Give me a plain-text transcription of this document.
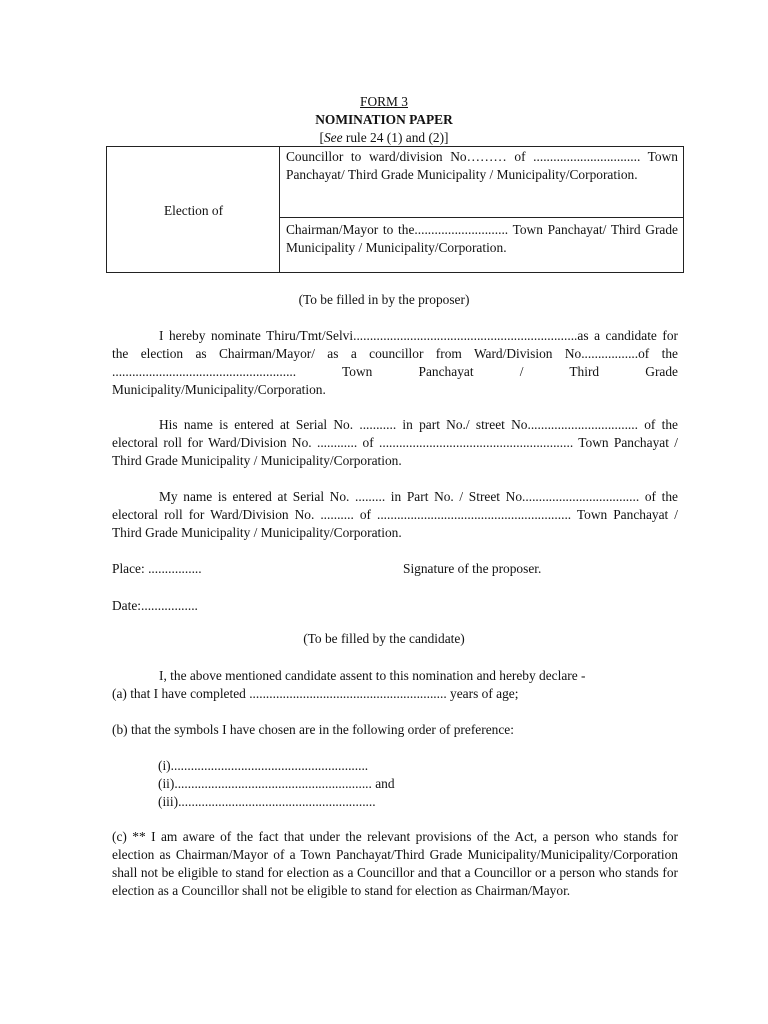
FORM 3
NOMINATION PAPER
[See rule 24 (1) and (2)]
Election of
Councillor to ward/division No……… of ................................ Town Panchayat/ Third Grade Municipality / Municipality/Corporation.
Chairman/Mayor to the............................ Town Panchayat/ Third Grade Municipality / Municipality/Corporation.
(To be filled in by the proposer)
I hereby nominate Thiru/Tmt/Selvi...................................................................as a candidate for the election as Chairman/Mayor/ as a councillor from Ward/Division No.................of the ....................................................... Town Panchayat / Third Grade Municipality/Municipality/Corporation.
His name is entered at Serial No. ........... in part No./ street No................................. of the electoral roll for Ward/Division No. ............ of .......................................................... Town Panchayat / Third Grade Municipality / Municipality/Corporation.
My name is entered at Serial No. ......... in Part No. / Street No................................... of the electoral roll for Ward/Division No. .......... of .......................................................... Town Panchayat / Third Grade Municipality / Municipality/Corporation.
Place: ................	Signature of the proposer.
Date:.................
(To be filled by the candidate)
I, the above mentioned candidate assent to this nomination and hereby declare -
(a) that I have completed ........................................................... years of age;
(b) that the symbols I have chosen are in the following order of preference:
(i)...........................................................
(ii)........................................................... and
(iii)...........................................................
(c) ** I am aware of the fact that under the relevant provisions of the Act, a person who stands for election as Chairman/Mayor of a Town Panchayat/Third Grade Municipality/Municipality/Corporation shall not be eligible to stand for election as a Councillor and that a Councillor or a person who stands for election as a Councillor shall not be eligible to stand for election as Chairman/Mayor.
